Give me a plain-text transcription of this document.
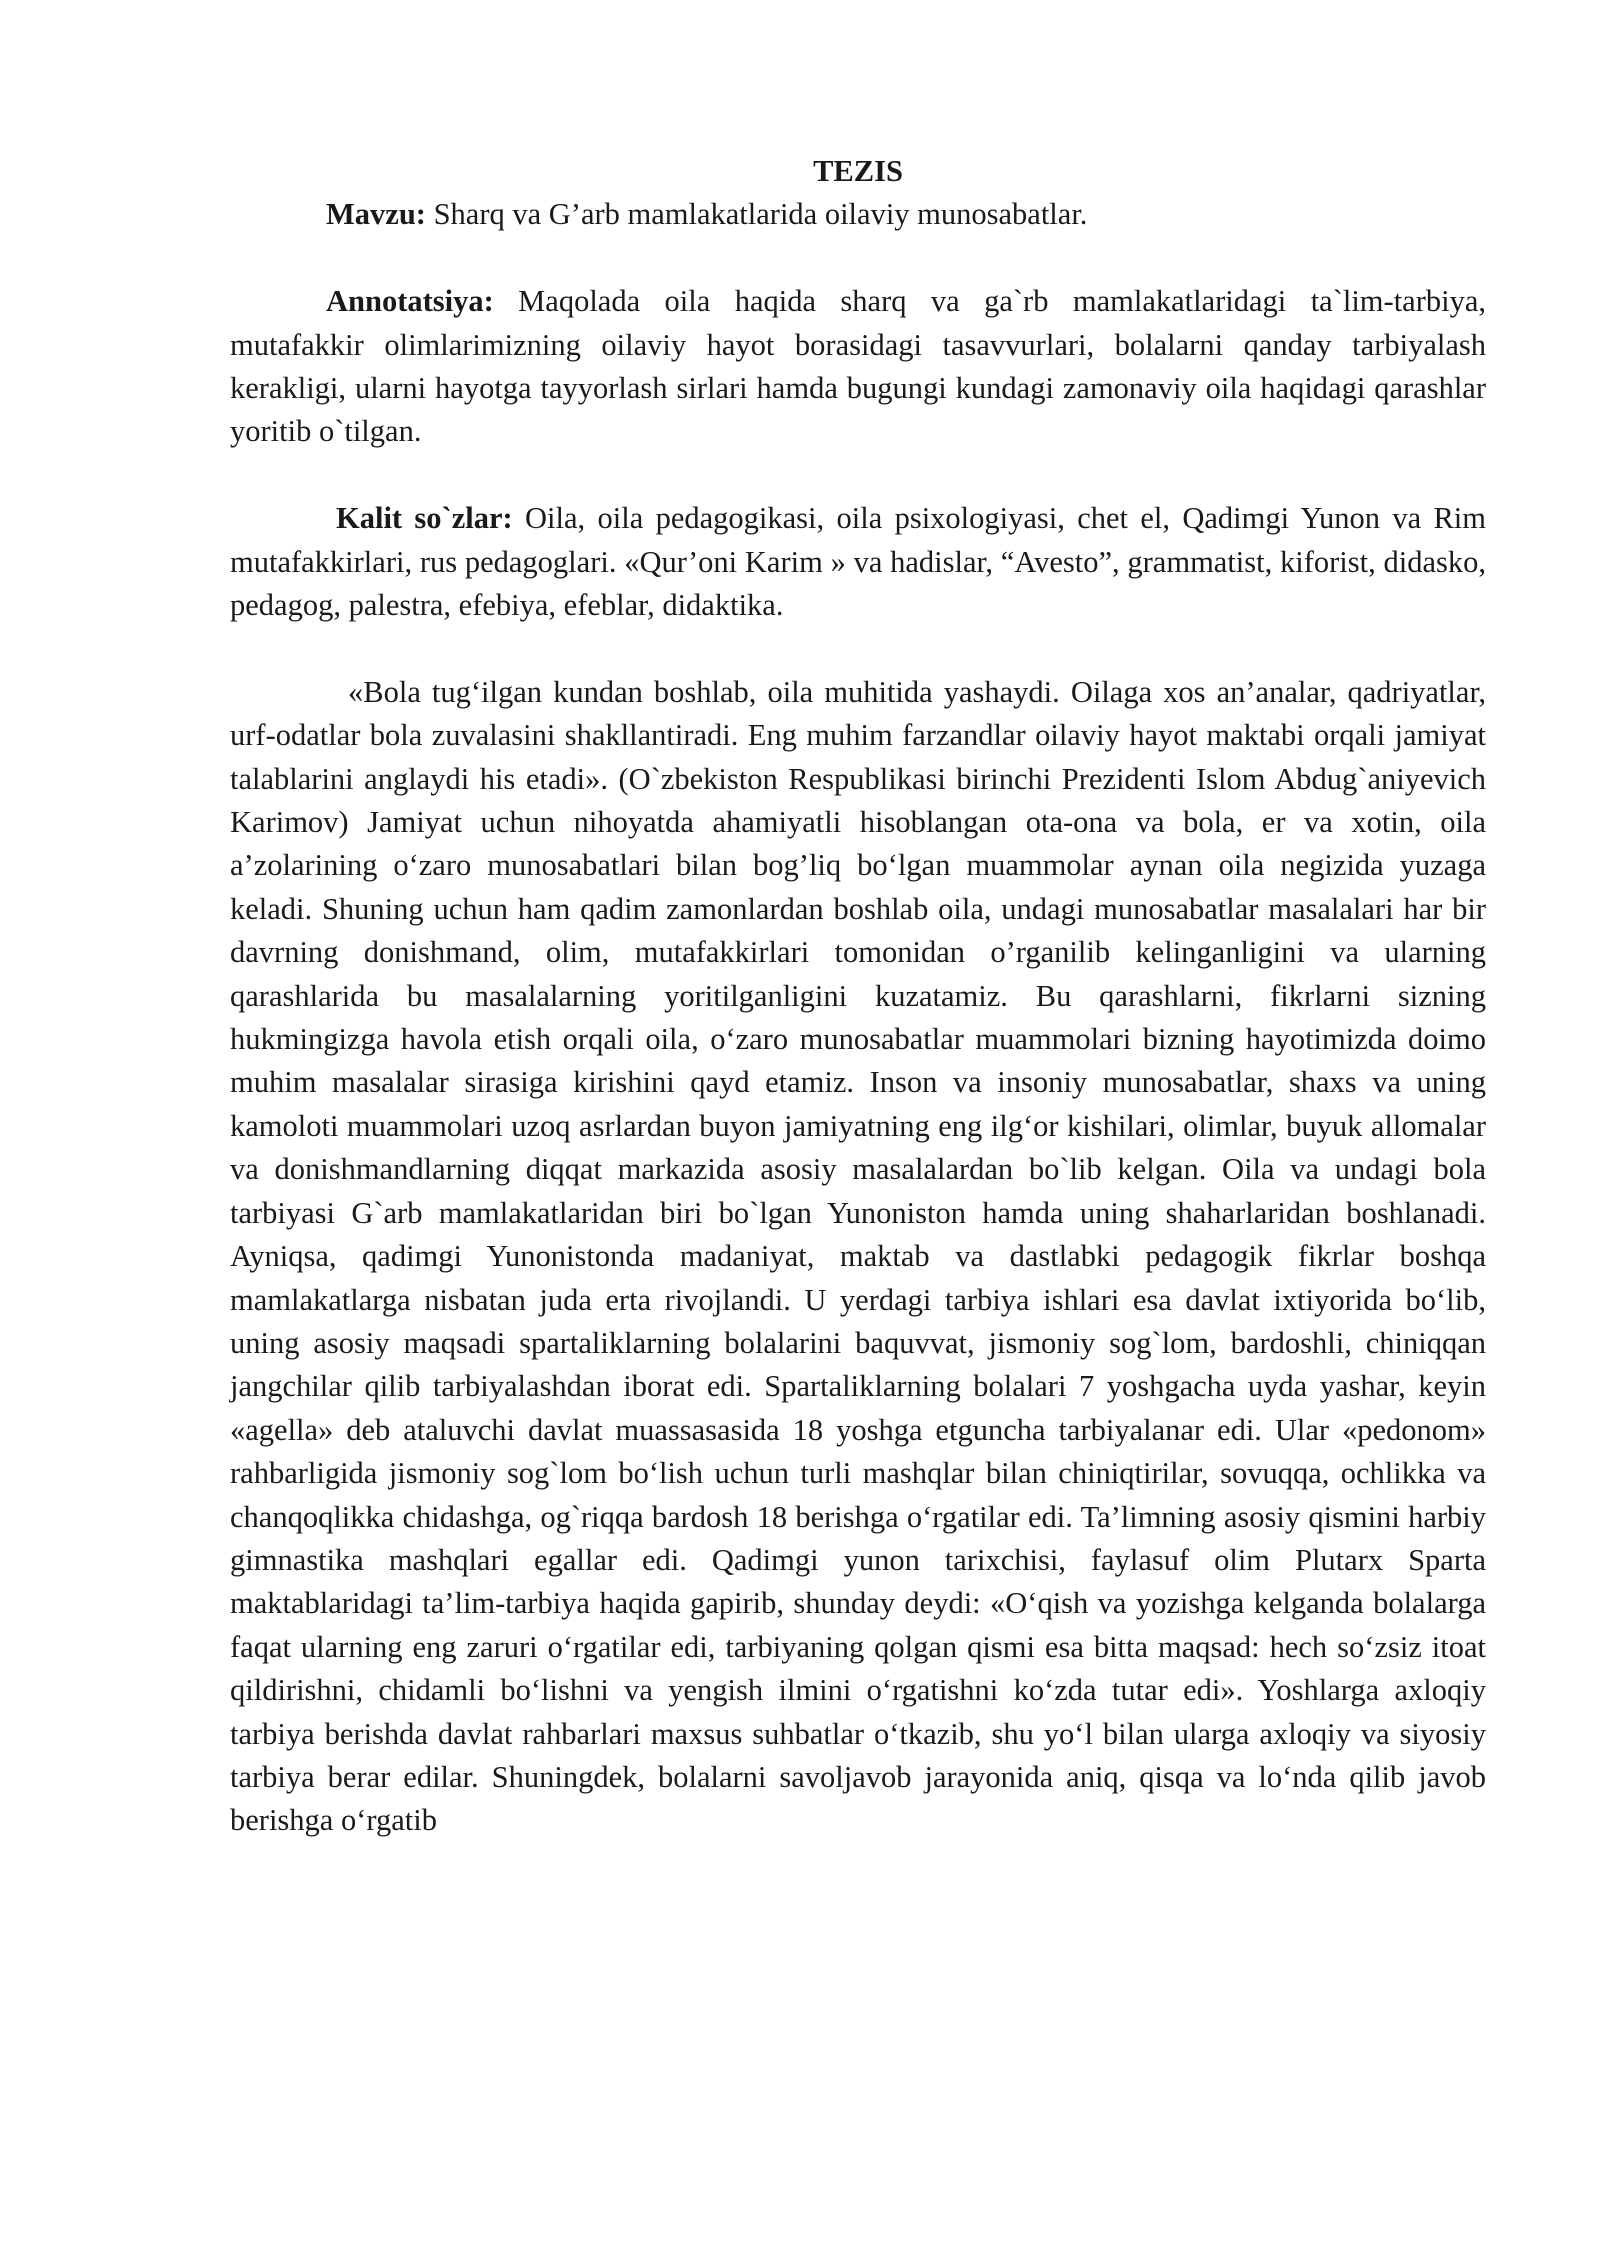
TEZIS

Mavzu: Sharq va G’arb mamlakatlarida oilaviy munosabatlar.

Annotatsiya: Maqolada oila haqida sharq va ga`rb mamlakatlaridagi ta`lim-tarbiya, mutafakkir olimlarimizning oilaviy hayot borasidagi tasavvurlari, bolalarni qanday tarbiyalash kerakligi, ularni hayotga tayyorlash sirlari hamda bugungi kundagi zamonaviy oila haqidagi qarashlar yoritib o`tilgan.

Kalit so`zlar: Oila, oila pedagogikasi, oila psixologiyasi, chet el, Qadimgi Yunon va Rim mutafakkirlari, rus pedagoglari. «Qur’oni Karim » va hadislar, “Avesto”, grammatist, kiforist, didasko, pedagog, palestra, efebiya, efeblar, didaktika.

«Bola tug‘ilgan kundan boshlab, oila muhitida yashaydi. Oilaga xos an’analar, qadriyatlar, urf-odatlar bola zuvalasini shakllantiradi. Eng muhim farzandlar oilaviy hayot maktabi orqali jamiyat talablarini anglaydi his etadi». (O`zbekiston Respublikasi birinchi Prezidenti Islom Abdug`aniyevich Karimov) Jamiyat uchun nihoyatda ahamiyatli hisoblangan ota-ona va bola, er va xotin, oila a’zolarining o‘zaro munosabatlari bilan bog’liq bo‘lgan muammolar aynan oila negizida yuzaga keladi. Shuning uchun ham qadim zamonlardan boshlab oila, undagi munosabatlar masalalari har bir davrning donishmand, olim, mutafakkirlari tomonidan o’rganilib kelinganligini va ularning qarashlarida bu masalalarning yoritilganligini kuzatamiz. Bu qarashlarni, fikrlarni sizning hukmingizga havola etish orqali oila, o‘zaro munosabatlar muammolari bizning hayotimizda doimo muhim masalalar sirasiga kirishini qayd etamiz. Inson va insoniy munosabatlar, shaxs va uning kamoloti muammolari uzoq asrlardan buyon jamiyatning eng ilg‘or kishilari, olimlar, buyuk allomalar va donishmandlarning diqqat markazida asosiy masalalardan bo`lib kelgan. Oila va undagi bola tarbiyasi G`arb mamlakatlaridan biri bo`lgan Yunoniston hamda uning shaharlaridan boshlanadi. Ayniqsa, qadimgi Yunonistonda madaniyat, maktab va dastlabki pedagogik fikrlar boshqa mamlakatlarga nisbatan juda erta rivojlandi. U yerdagi tarbiya ishlari esa davlat ixtiyorida bo‘lib, uning asosiy maqsadi spartaliklarning bolalarini baquvvat, jismoniy sog`lom, bardoshli, chiniqqan jangchilar qilib tarbiyalashdan iborat edi. Spartaliklarning bolalari 7 yoshgacha uyda yashar, keyin «agella» deb ataluvchi davlat muassasasida 18 yoshga etguncha tarbiyalanar edi. Ular «pedonom» rahbarligida jismoniy sog`lom bo‘lish uchun turli mashqlar bilan chiniqtirilar, sovuqqa, ochlikka va chanqoqlikka chidashga, og`riqqa bardosh 18 berishga o‘rgatilar edi. Ta’limning asosiy qismini harbiy gimnastika mashqlari egallar edi. Qadimgi yunon tarixchisi, faylasuf olim Plutarx Sparta maktablaridagi ta’lim-tarbiya haqida gapirib, shunday deydi: «O‘qish va yozishga kelganda bolalarga faqat ularning eng zaruri o‘rgatilar edi, tarbiyaning qolgan qismi esa bitta maqsad: hech so‘zsiz itoat qildirishni, chidamli bo‘lishni va yengish ilmini o‘rgatishni ko‘zda tutar edi». Yoshlarga axloqiy tarbiya berishda davlat rahbarlari maxsus suhbatlar o‘tkazib, shu yo‘l bilan ularga axloqiy va siyosiy tarbiya berar edilar. Shuningdek, bolalarni savoljavob jarayonida aniq, qisqa va lo‘nda qilib javob berishga o‘rgatib
